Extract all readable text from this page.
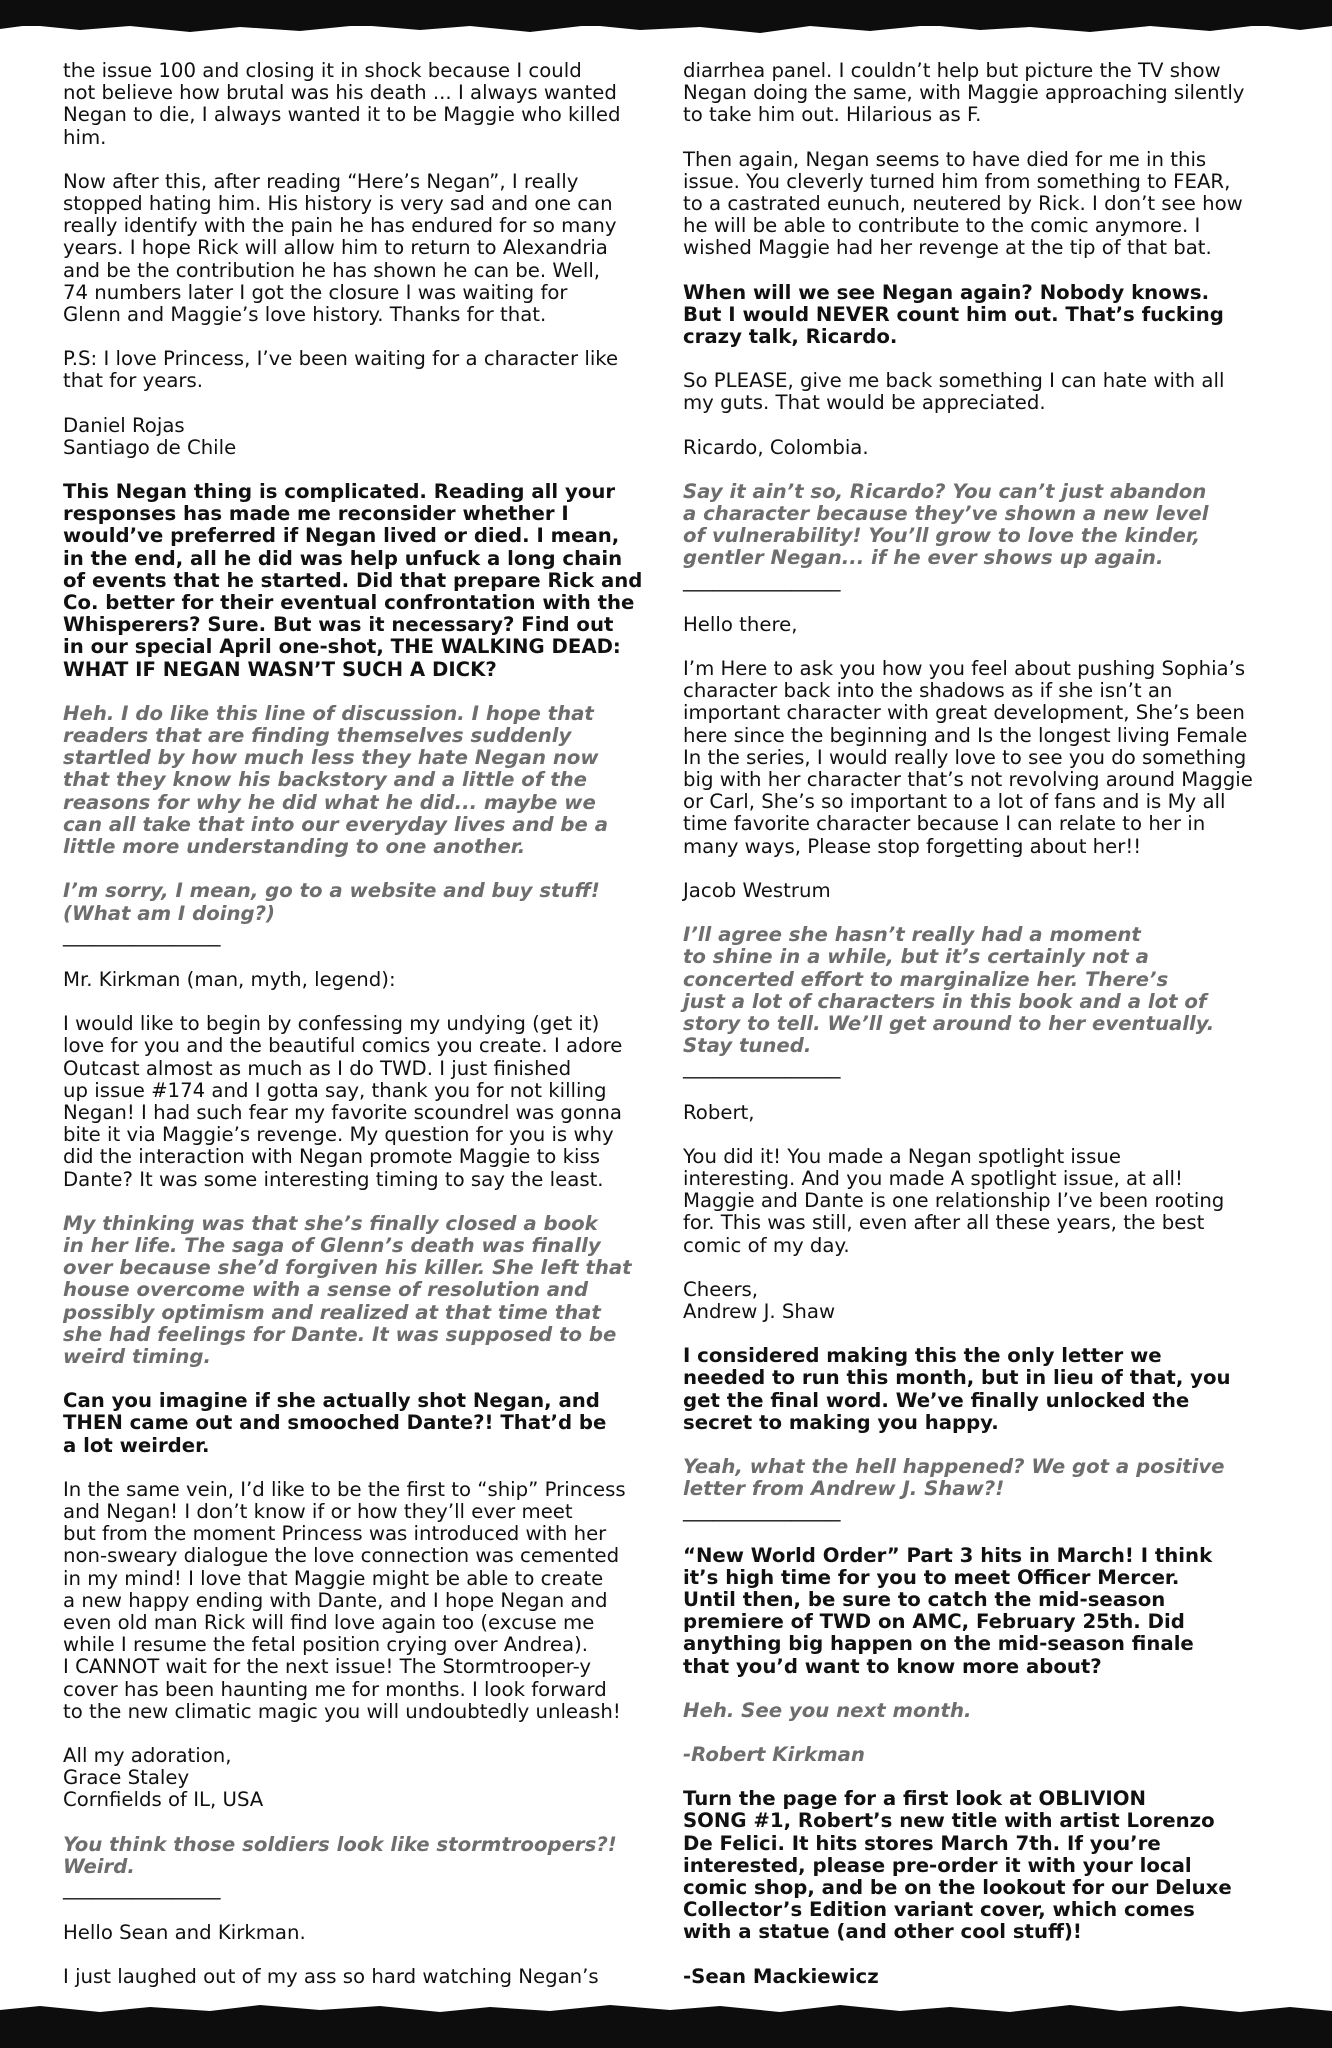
the issue 100 and closing it in shock because I could
not believe how brutal was his death ... I always wanted
Negan to die, I always wanted it to be Maggie who killed
him.

Now after this, after reading “Here’s Negan”, I really
stopped hating him. His history is very sad and one can
really identify with the pain he has endured for so many
years. I hope Rick will allow him to return to Alexandria
and be the contribution he has shown he can be. Well,
74 numbers later I got the closure I was waiting for
Glenn and Maggie’s love history. Thanks for that.

P.S: I love Princess, I’ve been waiting for a character like
that for years.

Daniel Rojas
Santiago de Chile

This Negan thing is complicated. Reading all your
responses has made me reconsider whether I
would’ve preferred if Negan lived or died. I mean,
in the end, all he did was help unfuck a long chain
of events that he started. Did that prepare Rick and
Co. better for their eventual confrontation with the
Whisperers? Sure. But was it necessary? Find out
in our special April one-shot, THE WALKING DEAD:
WHAT IF NEGAN WASN’T SUCH A DICK?

Heh. I do like this line of discussion. I hope that
readers that are finding themselves suddenly
startled by how much less they hate Negan now
that they know his backstory and a little of the
reasons for why he did what he did... maybe we
can all take that into our everyday lives and be a
little more understanding to one another.

I’m sorry, I mean, go to a website and buy stuff!
(What am I doing?)

________________

Mr. Kirkman (man, myth, legend):

I would like to begin by confessing my undying (get it)
love for you and the beautiful comics you create. I adore
Outcast almost as much as I do TWD. I just finished
up issue #174 and I gotta say, thank you for not killing
Negan! I had such fear my favorite scoundrel was gonna
bite it via Maggie’s revenge. My question for you is why
did the interaction with Negan promote Maggie to kiss
Dante? It was some interesting timing to say the least.

My thinking was that she’s finally closed a book
in her life. The saga of Glenn’s death was finally
over because she’d forgiven his killer. She left that
house overcome with a sense of resolution and
possibly optimism and realized at that time that
she had feelings for Dante. It was supposed to be
weird timing.

Can you imagine if she actually shot Negan, and
THEN came out and smooched Dante?! That’d be
a lot weirder.

In the same vein, I’d like to be the first to “ship” Princess
and Negan! I don’t know if or how they’ll ever meet
but from the moment Princess was introduced with her
non-sweary dialogue the love connection was cemented
in my mind! I love that Maggie might be able to create
a new happy ending with Dante, and I hope Negan and
even old man Rick will find love again too (excuse me
while I resume the fetal position crying over Andrea).
I CANNOT wait for the next issue! The Stormtrooper-y
cover has been haunting me for months. I look forward
to the new climatic magic you will undoubtedly unleash!

All my adoration,
Grace Staley
Cornfields of IL, USA

You think those soldiers look like stormtroopers?!
Weird.

________________

Hello Sean and Kirkman.

I just laughed out of my ass so hard watching Negan’s

diarrhea panel. I couldn’t help but picture the TV show
Negan doing the same, with Maggie approaching silently
to take him out. Hilarious as F.

Then again, Negan seems to have died for me in this
issue. You cleverly turned him from something to FEAR,
to a castrated eunuch, neutered by Rick. I don’t see how
he will be able to contribute to the comic anymore. I
wished Maggie had her revenge at the tip of that bat.

When will we see Negan again? Nobody knows.
But I would NEVER count him out. That’s fucking
crazy talk, Ricardo.

So PLEASE, give me back something I can hate with all
my guts. That would be appreciated.

Ricardo, Colombia.

Say it ain’t so, Ricardo? You can’t just abandon
a character because they’ve shown a new level
of vulnerability! You’ll grow to love the kinder,
gentler Negan... if he ever shows up again.

________________

Hello there,

I’m Here to ask you how you feel about pushing Sophia’s
character back into the shadows as if she isn’t an
important character with great development, She’s been
here since the beginning and Is the longest living Female
In the series, I would really love to see you do something
big with her character that’s not revolving around Maggie
or Carl, She’s so important to a lot of fans and is My all
time favorite character because I can relate to her in
many ways, Please stop forgetting about her!!

Jacob Westrum

I’ll agree she hasn’t really had a moment
to shine in a while, but it’s certainly not a
concerted effort to marginalize her. There’s
just a lot of characters in this book and a lot of
story to tell. We’ll get around to her eventually.
Stay tuned.

________________

Robert,

You did it! You made a Negan spotlight issue
interesting. And you made A spotlight issue, at all!
Maggie and Dante is one relationship I’ve been rooting
for. This was still, even after all these years, the best
comic of my day.

Cheers,
Andrew J. Shaw

I considered making this the only letter we
needed to run this month, but in lieu of that, you
get the final word. We’ve finally unlocked the
secret to making you happy.

Yeah, what the hell happened? We got a positive
letter from Andrew J. Shaw?!

________________

“New World Order” Part 3 hits in March! I think
it’s high time for you to meet Officer Mercer.
Until then, be sure to catch the mid-season
premiere of TWD on AMC, February 25th. Did
anything big happen on the mid-season finale
that you’d want to know more about?

Heh. See you next month.

-Robert Kirkman

Turn the page for a first look at OBLIVION
SONG #1, Robert’s new title with artist Lorenzo
De Felici. It hits stores March 7th. If you’re
interested, please pre-order it with your local
comic shop, and be on the lookout for our Deluxe
Collector’s Edition variant cover, which comes
with a statue (and other cool stuff)!

-Sean Mackiewicz
